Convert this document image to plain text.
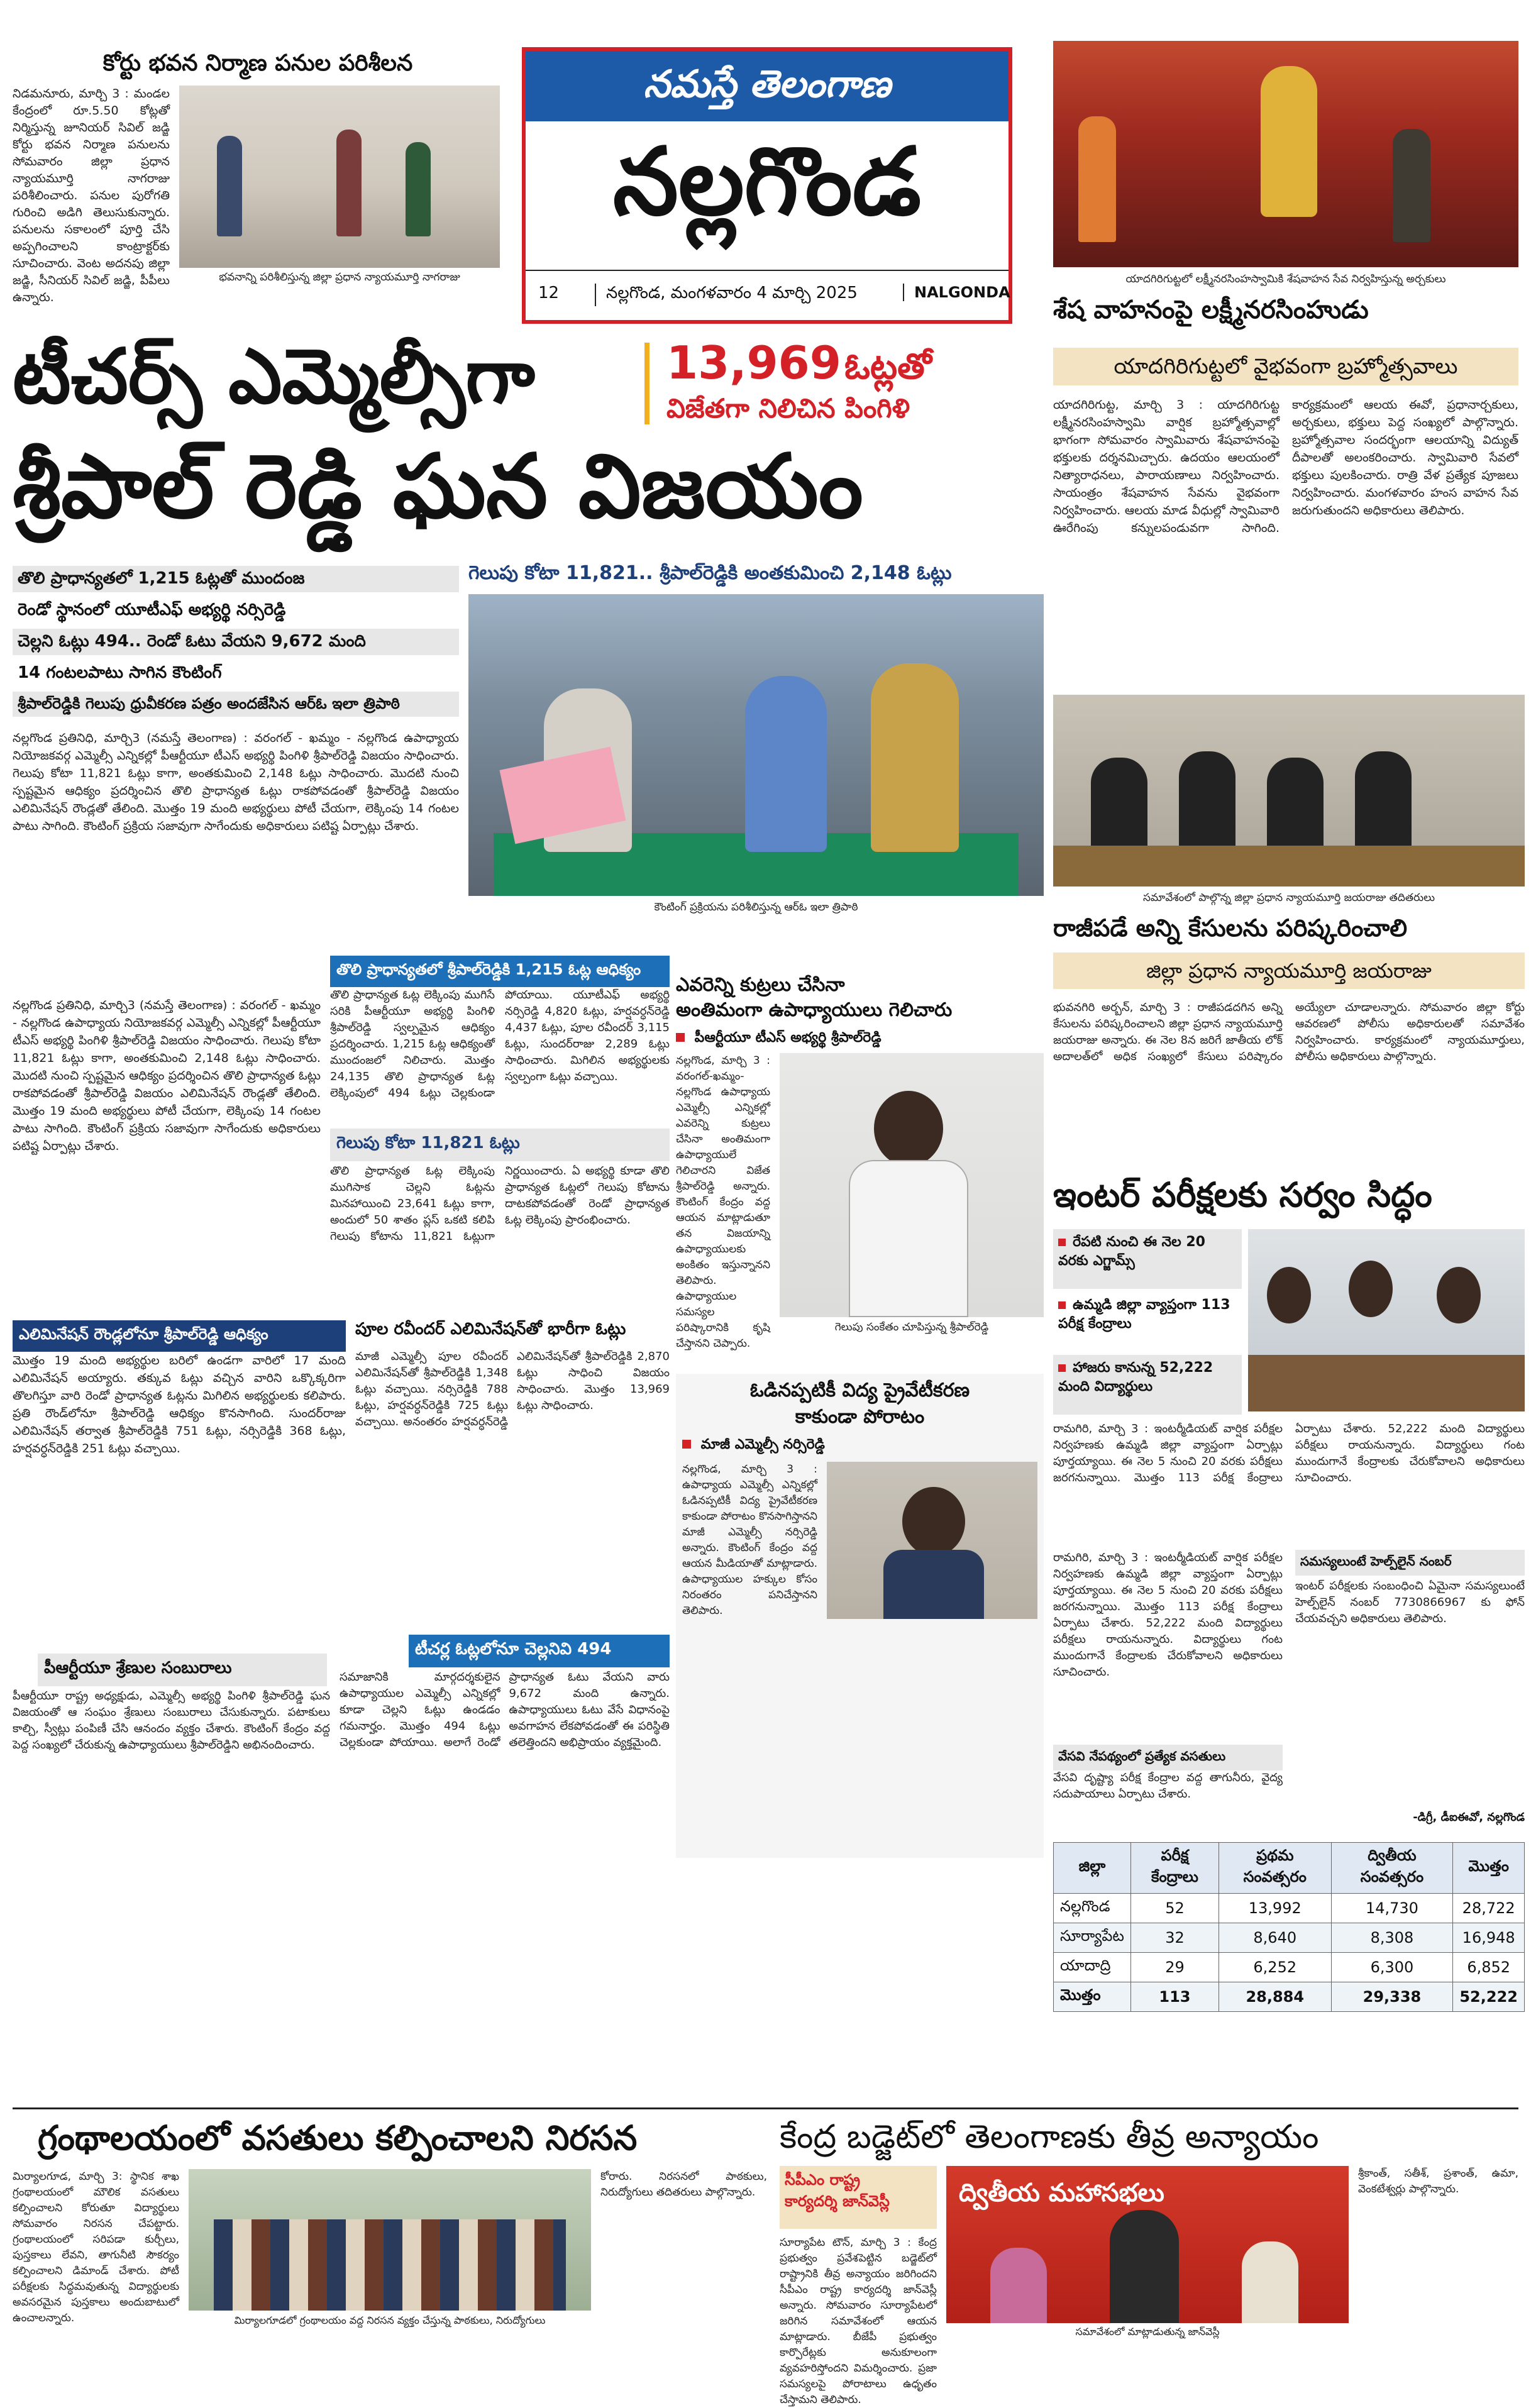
కోర్టు భవన నిర్మాణ పనుల పరిశీలన
నిడమనూరు, మార్చి 3 : మండల కేంద్రంలో రూ.5.50 కోట్లతో నిర్మిస్తున్న జూనియర్ సివిల్ జడ్జి కోర్టు భవన నిర్మాణ పనులను సోమవారం జిల్లా ప్రధాన న్యాయమూర్తి నాగరాజు పరిశీలించారు. పనుల పురోగతి గురించి అడిగి తెలుసుకున్నారు. పనులను సకాలంలో పూర్తి చేసి అప్పగించాలని కాంట్రాక్టర్‌కు సూచించారు. వెంట అదనపు జిల్లా జడ్జి, సీనియర్ సివిల్ జడ్జి, పీపీలు ఉన్నారు.
భవనాన్ని పరిశీలిస్తున్న జిల్లా ప్రధాన న్యాయమూర్తి నాగరాజు
నమస్తే తెలంగాణ
నల్లగొండ
12	నల్లగొండ, మంగళవారం 4 మార్చి 2025	NALGONDA
యాదగిరిగుట్టలో లక్ష్మీనరసింహస్వామికి శేషవాహన సేవ నిర్వహిస్తున్న అర్చకులు
శేష వాహనంపై లక్ష్మీనరసింహుడు
యాదగిరిగుట్టలో వైభవంగా బ్రహ్మోత్సవాలు
యాదగిరిగుట్ట, మార్చి 3 : యాదగిరిగుట్ట లక్ష్మీనరసింహస్వామి వార్షిక బ్రహ్మోత్సవాల్లో భాగంగా సోమవారం స్వామివారు శేషవాహనంపై భక్తులకు దర్శనమిచ్చారు. ఉదయం ఆలయంలో నిత్యారాధనలు, పారాయణాలు నిర్వహించారు. సాయంత్రం శేషవాహన సేవను వైభవంగా నిర్వహించారు. ఆలయ మాడ వీధుల్లో స్వామివారి ఊరేగింపు కన్నులపండువగా సాగింది. కార్యక్రమంలో ఆలయ ఈవో, ప్రధానార్చకులు, అర్చకులు, భక్తులు పెద్ద సంఖ్యలో పాల్గొన్నారు. బ్రహ్మోత్సవాల సందర్భంగా ఆలయాన్ని విద్యుత్ దీపాలతో అలంకరించారు. స్వామివారి సేవలో భక్తులు పులకించారు. రాత్రి వేళ ప్రత్యేక పూజలు నిర్వహించారు. మంగళవారం హంస వాహన సేవ జరుగుతుందని అధికారులు తెలిపారు.
టీచర్స్ ఎమ్మెల్సీగా	13,969 ఓట్లతో
విజేతగా నిలిచిన పింగిళి
శ్రీపాల్ రెడ్డి ఘన విజయం
తొలి ప్రాధాన్యతలో 1,215 ఓట్లతో ముందంజ
రెండో స్థానంలో యూటీఎఫ్ అభ్యర్థి నర్సిరెడ్డి
చెల్లని ఓట్లు 494.. రెండో ఓటు వేయని 9,672 మంది
14 గంటలపాటు సాగిన కౌంటింగ్
శ్రీపాల్‌రెడ్డికి గెలుపు ధ్రువీకరణ పత్రం అందజేసిన ఆర్‌ఓ ఇలా త్రిపాఠి
గెలుపు కోటా 11,821.. శ్రీపాల్‌రెడ్డికి అంతకుమించి 2,148 ఓట్లు
కౌంటింగ్ ప్రక్రియను పరిశీలిస్తున్న ఆర్‌ఓ ఇలా త్రిపాఠి
నల్లగొండ ప్రతినిధి, మార్చి3 (నమస్తే తెలంగాణ) : వరంగల్ - ఖమ్మం - నల్లగొండ ఉపాధ్యాయ నియోజకవర్గ ఎమ్మెల్సీ ఎన్నికల్లో పీఆర్టీయూ టీఎస్ అభ్యర్థి పింగిళి శ్రీపాల్‌రెడ్డి విజయం సాధించారు. గెలుపు కోటా 11,821 ఓట్లు కాగా, అంతకుమించి 2,148 ఓట్లు సాధించారు. మొదటి నుంచి స్పష్టమైన ఆధిక్యం ప్రదర్శించిన తొలి ప్రాధాన్యత ఓట్లు రాకపోవడంతో శ్రీపాల్‌రెడ్డి విజయం ఎలిమినేషన్ రౌండ్లతో తేలింది. మొత్తం 19 మంది అభ్యర్థులు పోటీ చేయగా, లెక్కింపు 14 గంటల పాటు సాగింది. కౌంటింగ్ ప్రక్రియ సజావుగా సాగేందుకు అధికారులు పటిష్ట ఏర్పాట్లు చేశారు.
నల్లగొండ ప్రతినిధి, మార్చి3 (నమస్తే తెలంగాణ) : వరంగల్ - ఖమ్మం - నల్లగొండ ఉపాధ్యాయ నియోజకవర్గ ఎమ్మెల్సీ ఎన్నికల్లో పీఆర్టీయూ టీఎస్ అభ్యర్థి పింగిళి శ్రీపాల్‌రెడ్డి విజయం సాధించారు. గెలుపు కోటా 11,821 ఓట్లు కాగా, అంతకుమించి 2,148 ఓట్లు సాధించారు. మొదటి నుంచి స్పష్టమైన ఆధిక్యం ప్రదర్శించిన తొలి ప్రాధాన్యత ఓట్లు రాకపోవడంతో శ్రీపాల్‌రెడ్డి విజయం ఎలిమినేషన్ రౌండ్లతో తేలింది. మొత్తం 19 మంది అభ్యర్థులు పోటీ చేయగా, లెక్కింపు 14 గంటల పాటు సాగింది. కౌంటింగ్ ప్రక్రియ సజావుగా సాగేందుకు అధికారులు పటిష్ట ఏర్పాట్లు చేశారు.
తొలి ప్రాధాన్యతలో శ్రీపాల్‌రెడ్డికి 1,215 ఓట్ల ఆధిక్యం
తొలి ప్రాధాన్యత ఓట్ల లెక్కింపు ముగిసే సరికి పీఆర్టీయూ అభ్యర్థి పింగిళి శ్రీపాల్‌రెడ్డి స్వల్పమైన ఆధిక్యం ప్రదర్శించారు. 1,215 ఓట్ల ఆధిక్యంతో ముందంజలో నిలిచారు. మొత్తం 24,135 తొలి ప్రాధాన్యత ఓట్ల లెక్కింపులో 494 ఓట్లు చెల్లకుండా పోయాయి. యూటీఎఫ్ అభ్యర్థి నర్సిరెడ్డి 4,820 ఓట్లు, హర్షవర్ధన్‌రెడ్డి 4,437 ఓట్లు, పూల రవీందర్ 3,115 ఓట్లు, సుందర్‌రాజు 2,289 ఓట్లు సాధించారు. మిగిలిన అభ్యర్థులకు స్వల్పంగా ఓట్లు వచ్చాయి.
గెలుపు కోటా 11,821 ఓట్లు
తొలి ప్రాధాన్యత ఓట్ల లెక్కింపు ముగిసాక చెల్లని ఓట్లను మినహాయించి 23,641 ఓట్లు కాగా, అందులో 50 శాతం ప్లస్ ఒకటి కలిపి గెలుపు కోటాను 11,821 ఓట్లుగా నిర్ణయించారు. ఏ అభ్యర్థి కూడా తొలి ప్రాధాన్యత ఓట్లలో గెలుపు కోటాను దాటకపోవడంతో రెండో ప్రాధాన్యత ఓట్ల లెక్కింపు ప్రారంభించారు.
ఎవరెన్ని కుట్రలు చేసినా
అంతిమంగా ఉపాధ్యాయులు గెలిచారు
పీఆర్టీయూ టీఎస్ అభ్యర్థి శ్రీపాల్‌రెడ్డి
నల్లగొండ, మార్చి 3 : వరంగల్-ఖమ్మం-నల్లగొండ ఉపాధ్యాయ ఎమ్మెల్సీ ఎన్నికల్లో ఎవరెన్ని కుట్రలు చేసినా అంతిమంగా ఉపాధ్యాయులే గెలిచారని విజేత శ్రీపాల్‌రెడ్డి అన్నారు. కౌంటింగ్ కేంద్రం వద్ద ఆయన మాట్లాడుతూ తన విజయాన్ని ఉపాధ్యాయులకు అంకితం ఇస్తున్నానని తెలిపారు. ఉపాధ్యాయుల సమస్యల పరిష్కారానికి కృషి చేస్తానని చెప్పారు.
గెలుపు సంకేతం చూపిస్తున్న శ్రీపాల్‌రెడ్డి
ఎలిమినేషన్ రౌండ్లలోనూ శ్రీపాల్‌రెడ్డి ఆధిక్యం
మొత్తం 19 మంది అభ్యర్థుల బరిలో ఉండగా వారిలో 17 మంది ఎలిమినేషన్ అయ్యారు. తక్కువ ఓట్లు వచ్చిన వారిని ఒక్కొక్కరిగా తొలగిస్తూ వారి రెండో ప్రాధాన్యత ఓట్లను మిగిలిన అభ్యర్థులకు కలిపారు. ప్రతి రౌండ్‌లోనూ శ్రీపాల్‌రెడ్డి ఆధిక్యం కొనసాగింది. సుందర్‌రాజు ఎలిమినేషన్ తర్వాత శ్రీపాల్‌రెడ్డికి 751 ఓట్లు, నర్సిరెడ్డికి 368 ఓట్లు, హర్షవర్ధన్‌రెడ్డికి 251 ఓట్లు వచ్చాయి.
పూల రవీందర్ ఎలిమినేషన్‌తో భారీగా ఓట్లు
మాజీ ఎమ్మెల్సీ పూల రవీందర్ ఎలిమినేషన్‌తో శ్రీపాల్‌రెడ్డికి 1,348 ఓట్లు వచ్చాయి. నర్సిరెడ్డికి 788 ఓట్లు, హర్షవర్ధన్‌రెడ్డికి 725 ఓట్లు వచ్చాయి. అనంతరం హర్షవర్ధన్‌రెడ్డి ఎలిమినేషన్‌తో శ్రీపాల్‌రెడ్డికి 2,870 ఓట్లు సాధించి విజయం సాధించారు. మొత్తం 13,969 ఓట్లు సాధించారు.
ఓడినప్పటికీ విద్య ప్రైవేటీకరణ
కాకుండా పోరాటం
మాజీ ఎమ్మెల్సీ నర్సిరెడ్డి
నల్లగొండ, మార్చి 3 : ఉపాధ్యాయ ఎమ్మెల్సీ ఎన్నికల్లో ఓడినప్పటికీ విద్య ప్రైవేటీకరణ కాకుండా పోరాటం కొనసాగిస్తానని మాజీ ఎమ్మెల్సీ నర్సిరెడ్డి అన్నారు. కౌంటింగ్ కేంద్రం వద్ద ఆయన మీడియాతో మాట్లాడారు. ఉపాధ్యాయుల హక్కుల కోసం నిరంతరం పనిచేస్తానని తెలిపారు.
టీచర్ల ఓట్లలోనూ చెల్లనివి 494
సమాజానికి మార్గదర్శకులైన ఉపాధ్యాయుల ఎమ్మెల్సీ ఎన్నికల్లో కూడా చెల్లని ఓట్లు ఉండడం గమనార్హం. మొత్తం 494 ఓట్లు చెల్లకుండా పోయాయి. అలాగే రెండో ప్రాధాన్యత ఓటు వేయని వారు 9,672 మంది ఉన్నారు. ఉపాధ్యాయులు ఓటు వేసే విధానంపై అవగాహన లేకపోవడంతో ఈ పరిస్థితి తలెత్తిందని అభిప్రాయం వ్యక్తమైంది.
పీఆర్టీయూ శ్రేణుల సంబురాలు
పీఆర్టీయూ రాష్ట్ర అధ్యక్షుడు, ఎమ్మెల్సీ అభ్యర్థి పింగిళి శ్రీపాల్‌రెడ్డి ఘన విజయంతో ఆ సంఘం శ్రేణులు సంబురాలు చేసుకున్నారు. పటాకులు కాల్చి, స్వీట్లు పంపిణీ చేసి ఆనందం వ్యక్తం చేశారు. కౌంటింగ్ కేంద్రం వద్ద పెద్ద సంఖ్యలో చేరుకున్న ఉపాధ్యాయులు శ్రీపాల్‌రెడ్డిని అభినందించారు.
సమావేశంలో పాల్గొన్న జిల్లా ప్రధాన న్యాయమూర్తి జయరాజు తదితరులు
రాజీపడే అన్ని కేసులను పరిష్కరించాలి
జిల్లా ప్రధాన న్యాయమూర్తి జయరాజు
భువనగిరి అర్బన్, మార్చి 3 : రాజీపడదగిన అన్ని కేసులను పరిష్కరించాలని జిల్లా ప్రధాన న్యాయమూర్తి జయరాజు అన్నారు. ఈ నెల 8న జరిగే జాతీయ లోక్ అదాలత్‌లో అధిక సంఖ్యలో కేసులు పరిష్కారం అయ్యేలా చూడాలన్నారు. సోమవారం జిల్లా కోర్టు ఆవరణలో పోలీసు అధికారులతో సమావేశం నిర్వహించారు. కార్యక్రమంలో న్యాయమూర్తులు, పోలీసు అధికారులు పాల్గొన్నారు.
ఇంటర్ పరీక్షలకు సర్వం సిద్ధం
రేపటి నుంచి ఈ నెల 20 వరకు ఎగ్జామ్స్
ఉమ్మడి జిల్లా వ్యాప్తంగా 113 పరీక్ష కేంద్రాలు
హాజరు కానున్న 52,222 మంది విద్యార్థులు
రామగిరి, మార్చి 3 : ఇంటర్మీడియట్ వార్షిక పరీక్షల నిర్వహణకు ఉమ్మడి జిల్లా వ్యాప్తంగా ఏర్పాట్లు పూర్తయ్యాయి. ఈ నెల 5 నుంచి 20 వరకు పరీక్షలు జరగనున్నాయి. మొత్తం 113 పరీక్ష కేంద్రాలు ఏర్పాటు చేశారు. 52,222 మంది విద్యార్థులు పరీక్షలు రాయనున్నారు. విద్యార్థులు గంట ముందుగానే కేంద్రాలకు చేరుకోవాలని అధికారులు సూచించారు.
రామగిరి, మార్చి 3 : ఇంటర్మీడియట్ వార్షిక పరీక్షల నిర్వహణకు ఉమ్మడి జిల్లా వ్యాప్తంగా ఏర్పాట్లు పూర్తయ్యాయి. ఈ నెల 5 నుంచి 20 వరకు పరీక్షలు జరగనున్నాయి. మొత్తం 113 పరీక్ష కేంద్రాలు ఏర్పాటు చేశారు. 52,222 మంది విద్యార్థులు పరీక్షలు రాయనున్నారు. విద్యార్థులు గంట ముందుగానే కేంద్రాలకు చేరుకోవాలని అధికారులు సూచించారు.
సమస్యలుంటే హెల్ప్‌లైన్ నంబర్
ఇంటర్ పరీక్షలకు సంబంధించి ఏమైనా సమస్యలుంటే హెల్ప్‌లైన్ నంబర్ 7730866967 కు ఫోన్ చేయవచ్చని అధికారులు తెలిపారు.
వేసవి నేపథ్యంలో ప్రత్యేక వసతులు
వేసవి దృష్ట్యా పరీక్ష కేంద్రాల వద్ద తాగునీరు, వైద్య సదుపాయాలు ఏర్పాటు చేశారు.
-డిగ్రీ, డీఐఈవో, నల్లగొండ
జిల్లా	పరీక్ష కేంద్రాలు	ప్రథమ సంవత్సరం	ద్వితీయ సంవత్సరం	మొత్తం
నల్లగొండ	52	13,992	14,730	28,722
సూర్యాపేట	32	8,640	8,308	16,948
యాదాద్రి	29	6,252	6,300	6,852
మొత్తం	113	28,884	29,338	52,222
గ్రంథాలయంలో వసతులు కల్పించాలని నిరసన
మిర్యాలగూడ, మార్చి 3: స్థానిక శాఖ గ్రంథాలయంలో మౌలిక వసతులు కల్పించాలని కోరుతూ విద్యార్థులు సోమవారం నిరసన చేపట్టారు. గ్రంథాలయంలో సరిపడా కుర్చీలు, పుస్తకాలు లేవని, తాగునీటి సౌకర్యం కల్పించాలని డిమాండ్ చేశారు. పోటీ పరీక్షలకు సిద్ధమవుతున్న విద్యార్థులకు అవసరమైన పుస్తకాలు అందుబాటులో ఉంచాలన్నారు.	మిర్యాలగూడలో గ్రంథాలయం వద్ద నిరసన వ్యక్తం చేస్తున్న పాఠకులు, నిరుద్యోగులు
కోరారు. నిరసనలో పాఠకులు, నిరుద్యోగులు తదితరులు పాల్గొన్నారు.
కేంద్ర బడ్జెట్‌లో తెలంగాణకు తీవ్ర అన్యాయం
సీపీఎం రాష్ట్ర
కార్యదర్శి జాన్‌వెస్లీ
సూర్యాపేట టౌన్, మార్చి 3 : కేంద్ర ప్రభుత్వం ప్రవేశపెట్టిన బడ్జెట్‌లో రాష్ట్రానికి తీవ్ర అన్యాయం జరిగిందని సీపీఎం రాష్ట్ర కార్యదర్శి జాన్‌వెస్లీ అన్నారు. సోమవారం సూర్యాపేటలో జరిగిన సమావేశంలో ఆయన మాట్లాడారు. బీజేపీ ప్రభుత్వం కార్పొరేట్లకు అనుకూలంగా వ్యవహరిస్తోందని విమర్శించారు. ప్రజా సమస్యలపై పోరాటాలు ఉధృతం చేస్తామని తెలిపారు.
ద్వితీయ మహాసభలు
సమావేశంలో మాట్లాడుతున్న జాన్‌వెస్లీ
శ్రీకాంత్, సతీశ్, ప్రశాంత్, ఉమా, వెంకటేశ్వర్లు పాల్గొన్నారు.
